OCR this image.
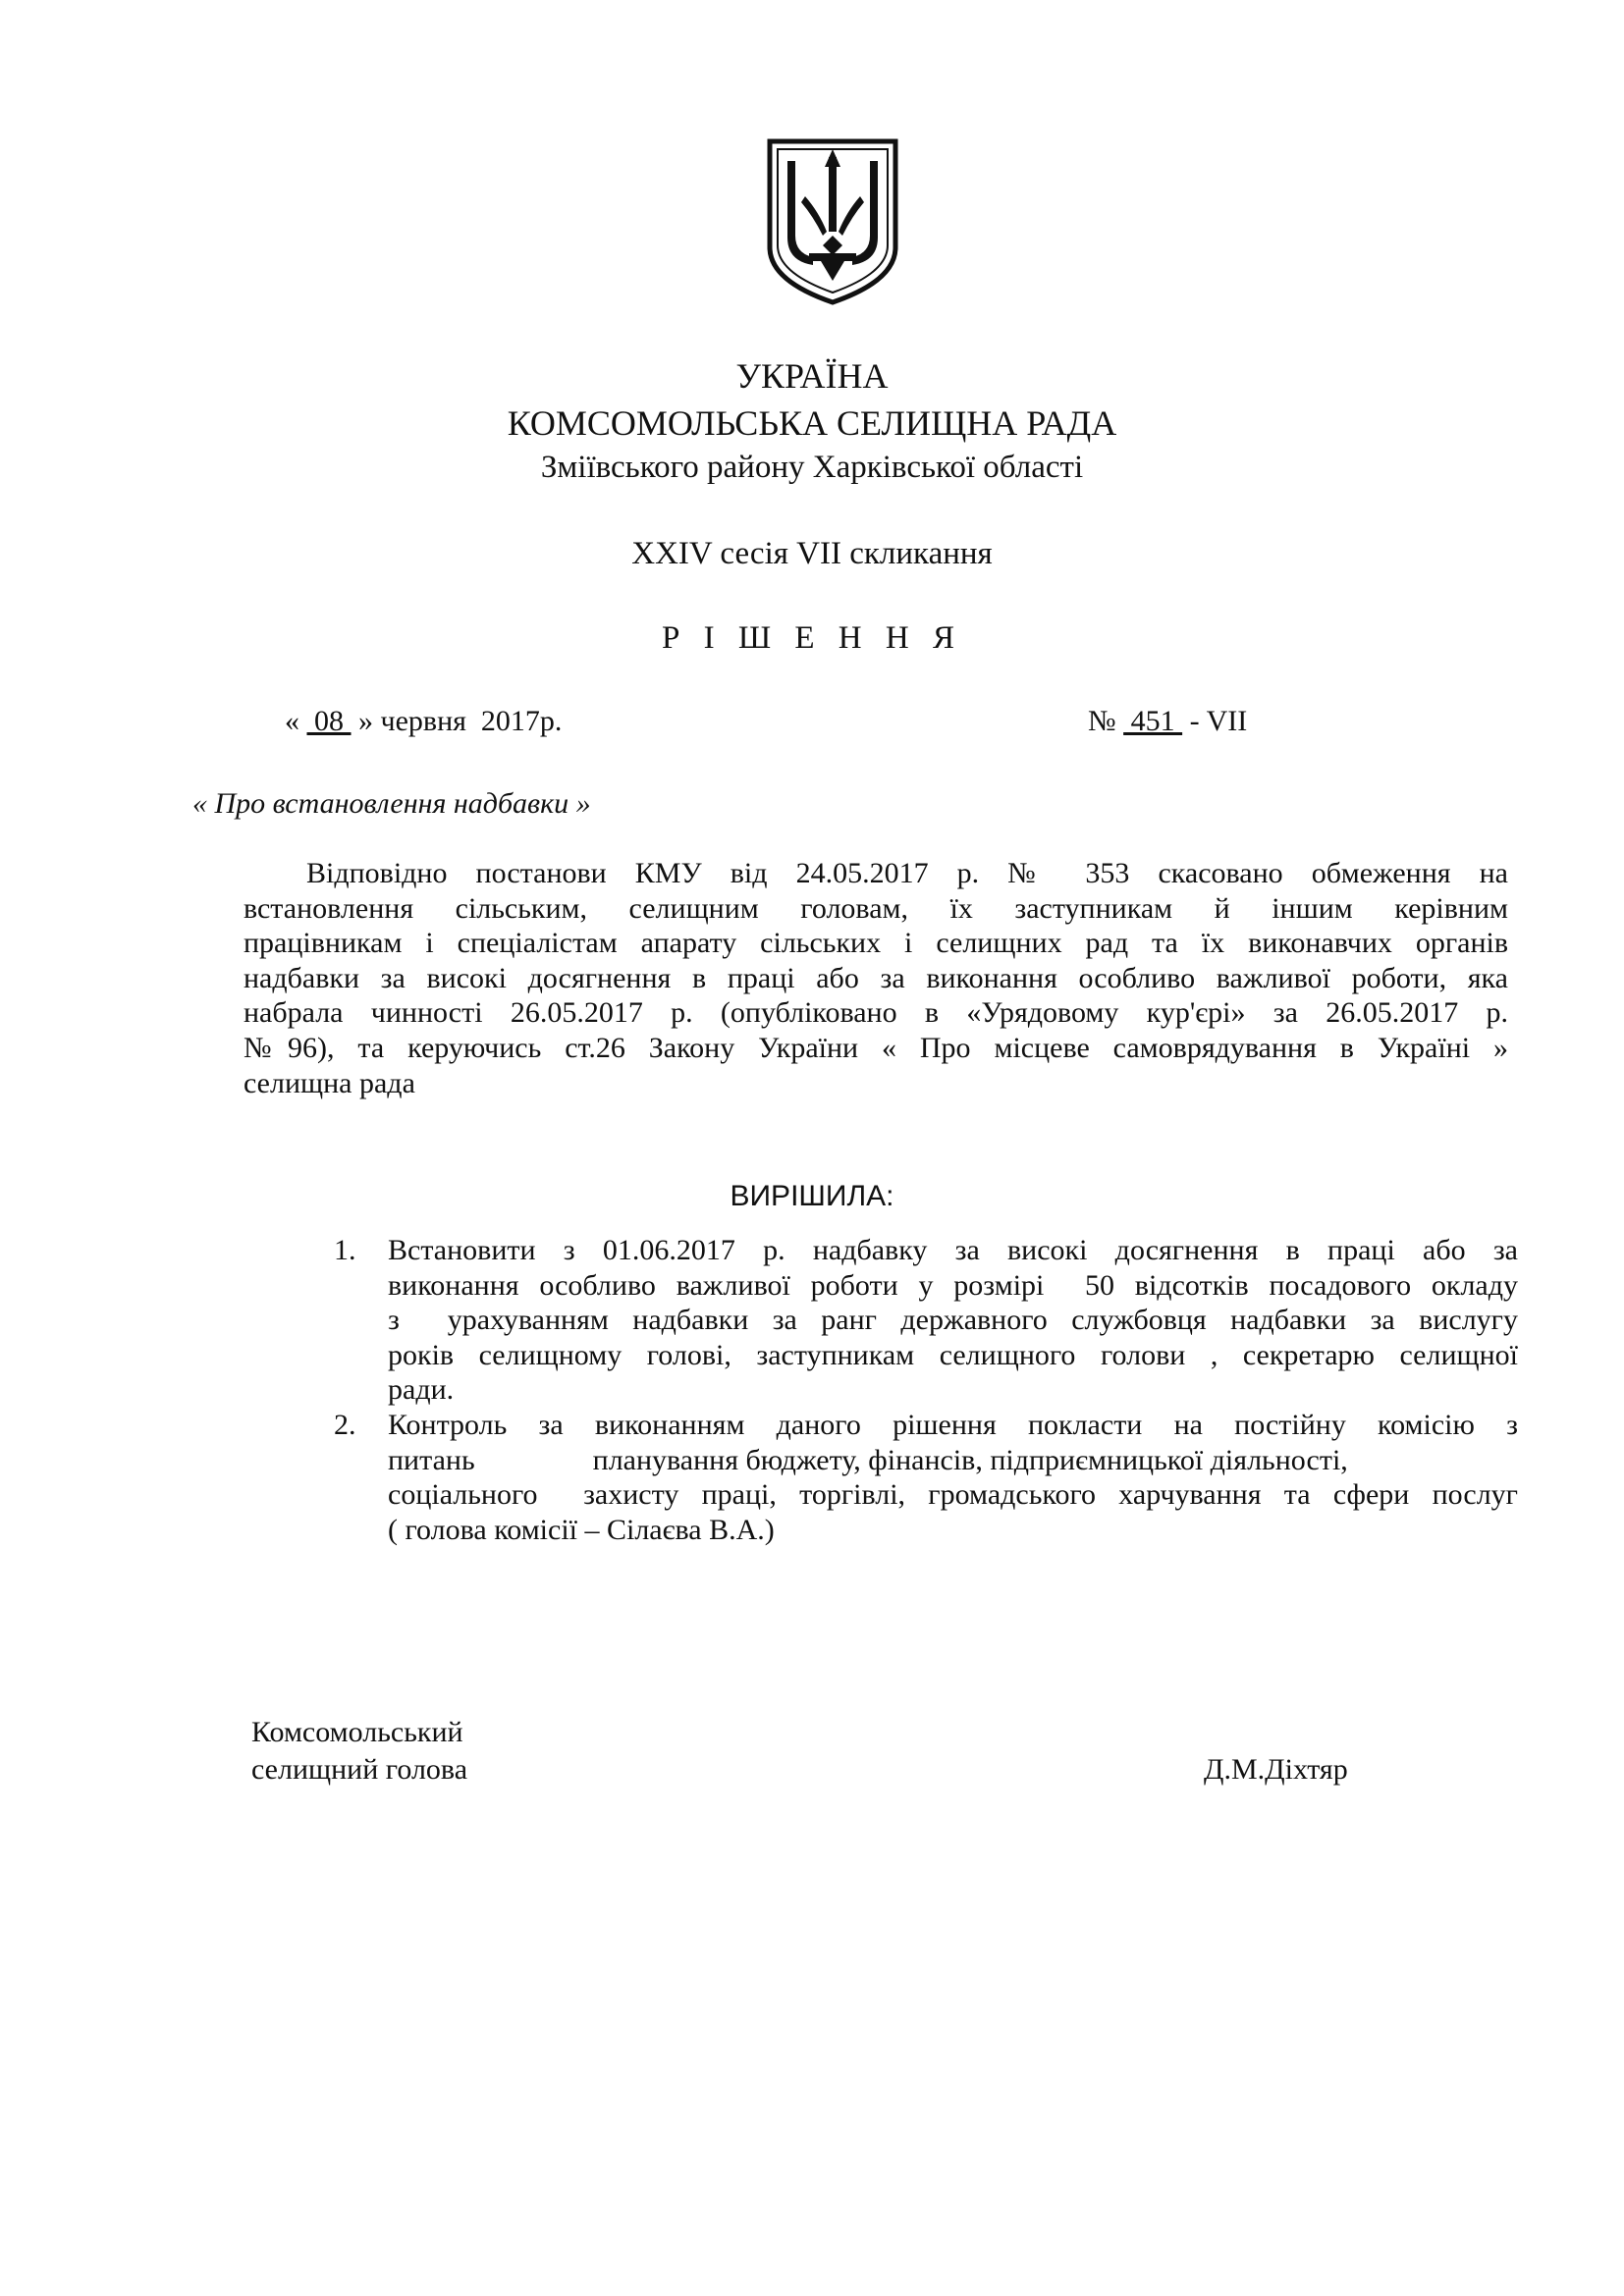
УКРАЇНА
КОМСОМОЛЬСЬКА СЕЛИЩНА РАДА
Зміївського району Харківської області
ХХІV сесія VІІ скликання
Р І Ш Е Н Н Я
«  08  » червня  2017р.	№  451  - VІІ
« Про встановлення надбавки »
Відповідно постанови КМУ від 24.05.2017 р. № 353 скасовано обмеження на
встановлення сільським, селищним головам, їх заступникам й іншим керівним
працівникам і спеціалістам апарату сільських і селищних рад та їх виконавчих органів
надбавки за високі досягнення в праці або за виконання особливо важливої роботи, яка
набрала чинності 26.05.2017 р. (опубліковано в «Урядовому кур'єрі» за 26.05.2017 р.
№96), та керуючись ст.26 Закону України « Про місцеве самоврядування в Україні »
селищна рада
ВИРІШИЛА:
1. Встановити з 01.06.2017 р. надбавку за високі досягнення в праці або за
виконання особливо важливої роботи у розмірі  50 відсотків посадового окладу
з  урахуванням надбавки за ранг державного службовця надбавки за вислугу
років селищному голові, заступникам селищного голови , секретарю селищної
ради.
2. Контроль за виконанням даного рішення покласти на постійну комісію з
питань                планування бюджету, фінансів, підприємницької діяльності,
соціального  захисту праці, торгівлі, громадського харчування та сфери послуг
( голова комісії – Сілаєва В.А.)
Комсомольський
селищний голова	Д.М.Діхтяр
